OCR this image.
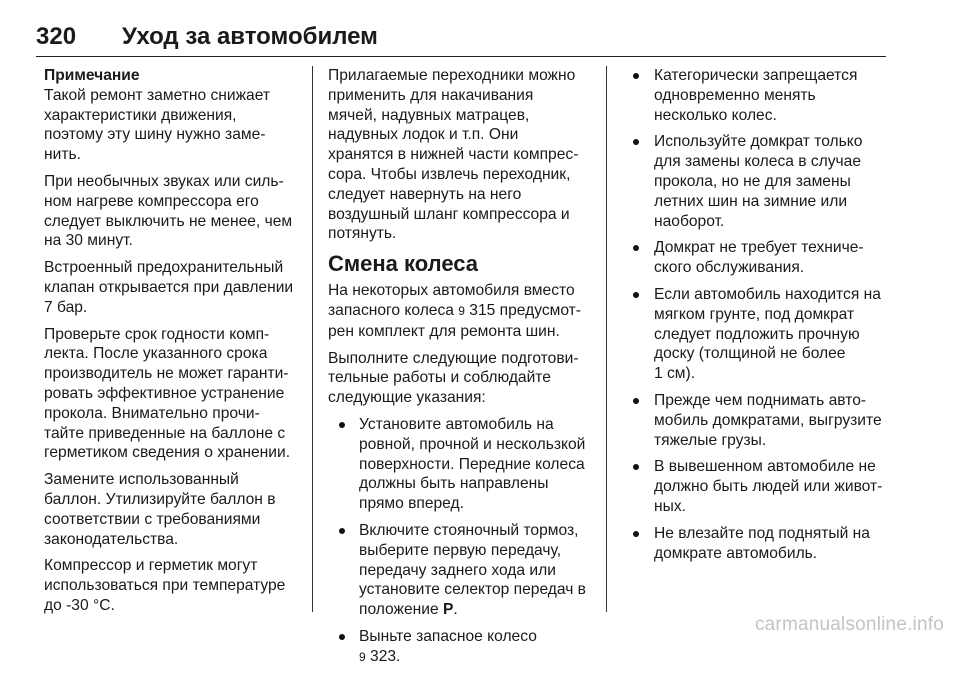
320 Уход за автомобилем
Примечание

Такой ремонт заметно снижает
характеристики движения,
поэтому эту шину нужно заме-
нить.

При необычных звуках или силь-
ном нагреве компрессора его
следует выключить не менее, чем
на 30 минут.

Встроенный предохранительный
клапан открывается при давлении
7 бар.

Проверьте срок годности комп-
лекта. После указанного срока
производитель не может гаранти-
ровать эффективное устранение
прокола. Внимательно прочи-
тайте приведенные на баллоне с
герметиком сведения о хранении.

Замените использованный
баллон. Утилизируйте баллон в
соответствии с требованиями
законодательства.

Компрессор и герметик могут
использоваться при температуре
до -30 °C.

Прилагаемые переходники можно
применить для накачивания
мячей, надувных матрацев,
надувных лодок и т.п. Они
хранятся в нижней части компрес-
сора. Чтобы извлечь переходник,
следует навернуть на него
воздушный шланг компрессора и
потянуть.

Смена колеса

На некоторых автомобиля вместо
запасного колеса 9 315 предусмот-
рен комплект для ремонта шин.

Выполните следующие подготови-
тельные работы и соблюдайте
следующие указания:

Установите автомобиль на
ровной, прочной и нескользкой
поверхности. Передние колеса
должны быть направлены
прямо вперед.
Включите стояночный тормоз,
выберите первую передачу,
передачу заднего хода или
установите селектор передач в
положение P.
Выньте запасное колесо
9 323.
Категорически запрещается
одновременно менять
несколько колес.
Используйте домкрат только
для замены колеса в случае
прокола, но не для замены
летних шин на зимние или
наоборот.
Домкрат не требует техниче-
ского обслуживания.
Если автомобиль находится на
мягком грунте, под домкрат
следует подложить прочную
доску (толщиной не более
1 см).
Прежде чем поднимать авто-
мобиль домкратами, выгрузите
тяжелые грузы.
В вывешенном автомобиле не
должно быть людей или живот-
ных.
Не влезайте под поднятый на
домкрате автомобиль.
carmanualsonline.info
